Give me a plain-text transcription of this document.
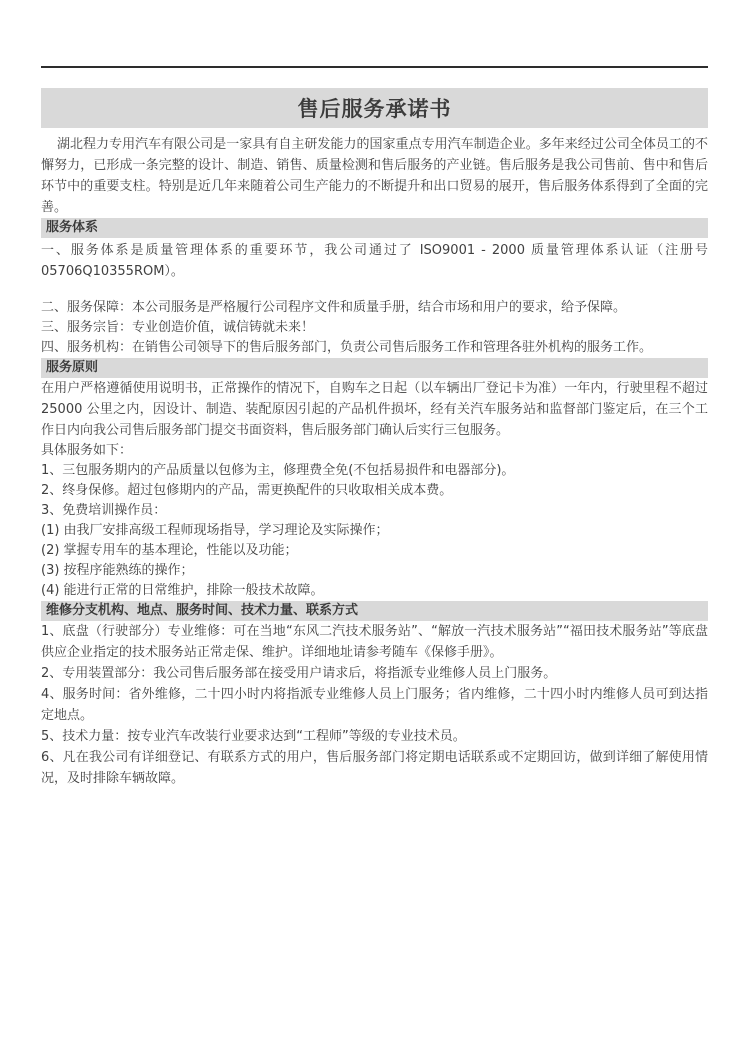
售后服务承诺书

湖北程力专用汽车有限公司是一家具有自主研发能力的国家重点专用汽车制造企业。多年来经过公司全体员工的不懈努力，已形成一条完整的设计、制造、销售、质量检测和售后服务的产业链。售后服务是我公司售前、售中和售后环节中的重要支柱。特别是近几年来随着公司生产能力的不断提升和出口贸易的展开，售后服务体系得到了全面的完善。

服务体系

一、服务体系是质量管理体系的重要环节，我公司通过了 ISO9001 - 2000 质量管理体系认证（注册号 05706Q10355ROM）。

二、服务保障：本公司服务是严格履行公司程序文件和质量手册，结合市场和用户的要求，给予保障。

三、服务宗旨：专业创造价值，诚信铸就未来！

四、服务机构：在销售公司领导下的售后服务部门，负责公司售后服务工作和管理各驻外机构的服务工作。

服务原则

在用户严格遵循使用说明书，正常操作的情况下，自购车之日起（以车辆出厂登记卡为准）一年内，行驶里程不超过 25000 公里之内，因设计、制造、装配原因引起的产品机件损坏，经有关汽车服务站和监督部门鉴定后，在三个工作日内向我公司售后服务部门提交书面资料，售后服务部门确认后实行三包服务。

具体服务如下：

1、三包服务期内的产品质量以包修为主，修理费全免(不包括易损件和电器部分)。

2、终身保修。超过包修期内的产品，需更换配件的只收取相关成本费。

3、免费培训操作员：

(1) 由我厂安排高级工程师现场指导，学习理论及实际操作；

(2) 掌握专用车的基本理论，性能以及功能；

(3) 按程序能熟练的操作；

(4) 能进行正常的日常维护，排除一般技术故障。

维修分支机构、地点、服务时间、技术力量、联系方式

1、底盘（行驶部分）专业维修：可在当地“东风二汽技术服务站”、“解放一汽技术服务站”“福田技术服务站”等底盘供应企业指定的技术服务站正常走保、维护。详细地址请参考随车《保修手册》。

2、专用装置部分：我公司售后服务部在接受用户请求后，将指派专业维修人员上门服务。

4、服务时间：省外维修，二十四小时内将指派专业维修人员上门服务；省内维修，二十四小时内维修人员可到达指定地点。

5、技术力量：按专业汽车改装行业要求达到“工程师”等级的专业技术员。

6、凡在我公司有详细登记、有联系方式的用户，售后服务部门将定期电话联系或不定期回访，做到详细了解使用情况，及时排除车辆故障。
